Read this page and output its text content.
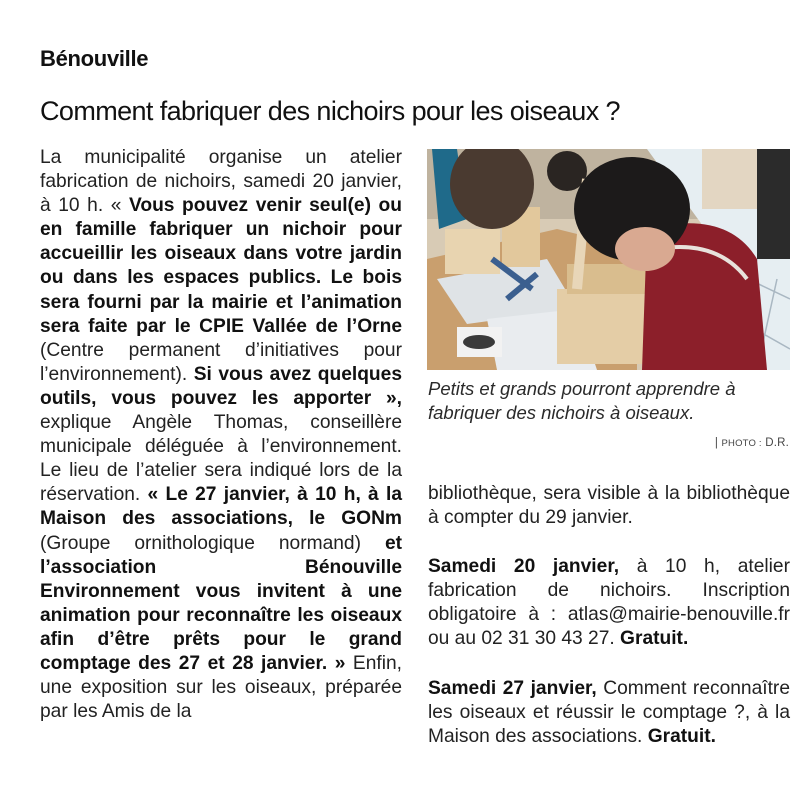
Bénouville
Comment fabriquer des nichoirs pour les oiseaux ?

La municipalité organise un atelier fabrication de nichoirs, samedi 20 janvier, à 10 h. « Vous pouvez venir seul(e) ou en famille fabriquer un nichoir pour accueillir les oiseaux dans votre jardin ou dans les espaces publics. Le bois sera fourni par la mairie et l’animation sera faite par le CPIE Vallée de l’Orne (Centre permanent d’initiatives pour l’environnement). Si vous avez quelques outils, vous pouvez les apporter », explique Angèle Thomas, conseillère municipale déléguée à l’environnement. Le lieu de l’atelier sera indiqué lors de la réservation. « Le 27 janvier, à 10 h, à la Maison des associations, le GONm (Groupe ornithologique normand) et l’association Bénouville Environnement vous invitent à une animation pour reconnaître les oiseaux afin d’être prêts pour le grand comptage des 27 et 28 janvier. » Enfin, une exposition sur les oiseaux, préparée par les Amis de la

Petits et grands pourront apprendre à fabriquer des nichoirs à oiseaux.
| PHOTO : D.R.

bibliothèque, sera visible à la bibliothèque à compter du 29 janvier.

Samedi 20 janvier, à 10 h, atelier fabrication de nichoirs. Inscription obligatoire à : atlas@mairie-benouville.fr ou au 02 31 30 43 27. Gratuit.

Samedi 27 janvier, Comment reconnaître les oiseaux et réussir le comptage ?, à la Maison des associations. Gratuit.
